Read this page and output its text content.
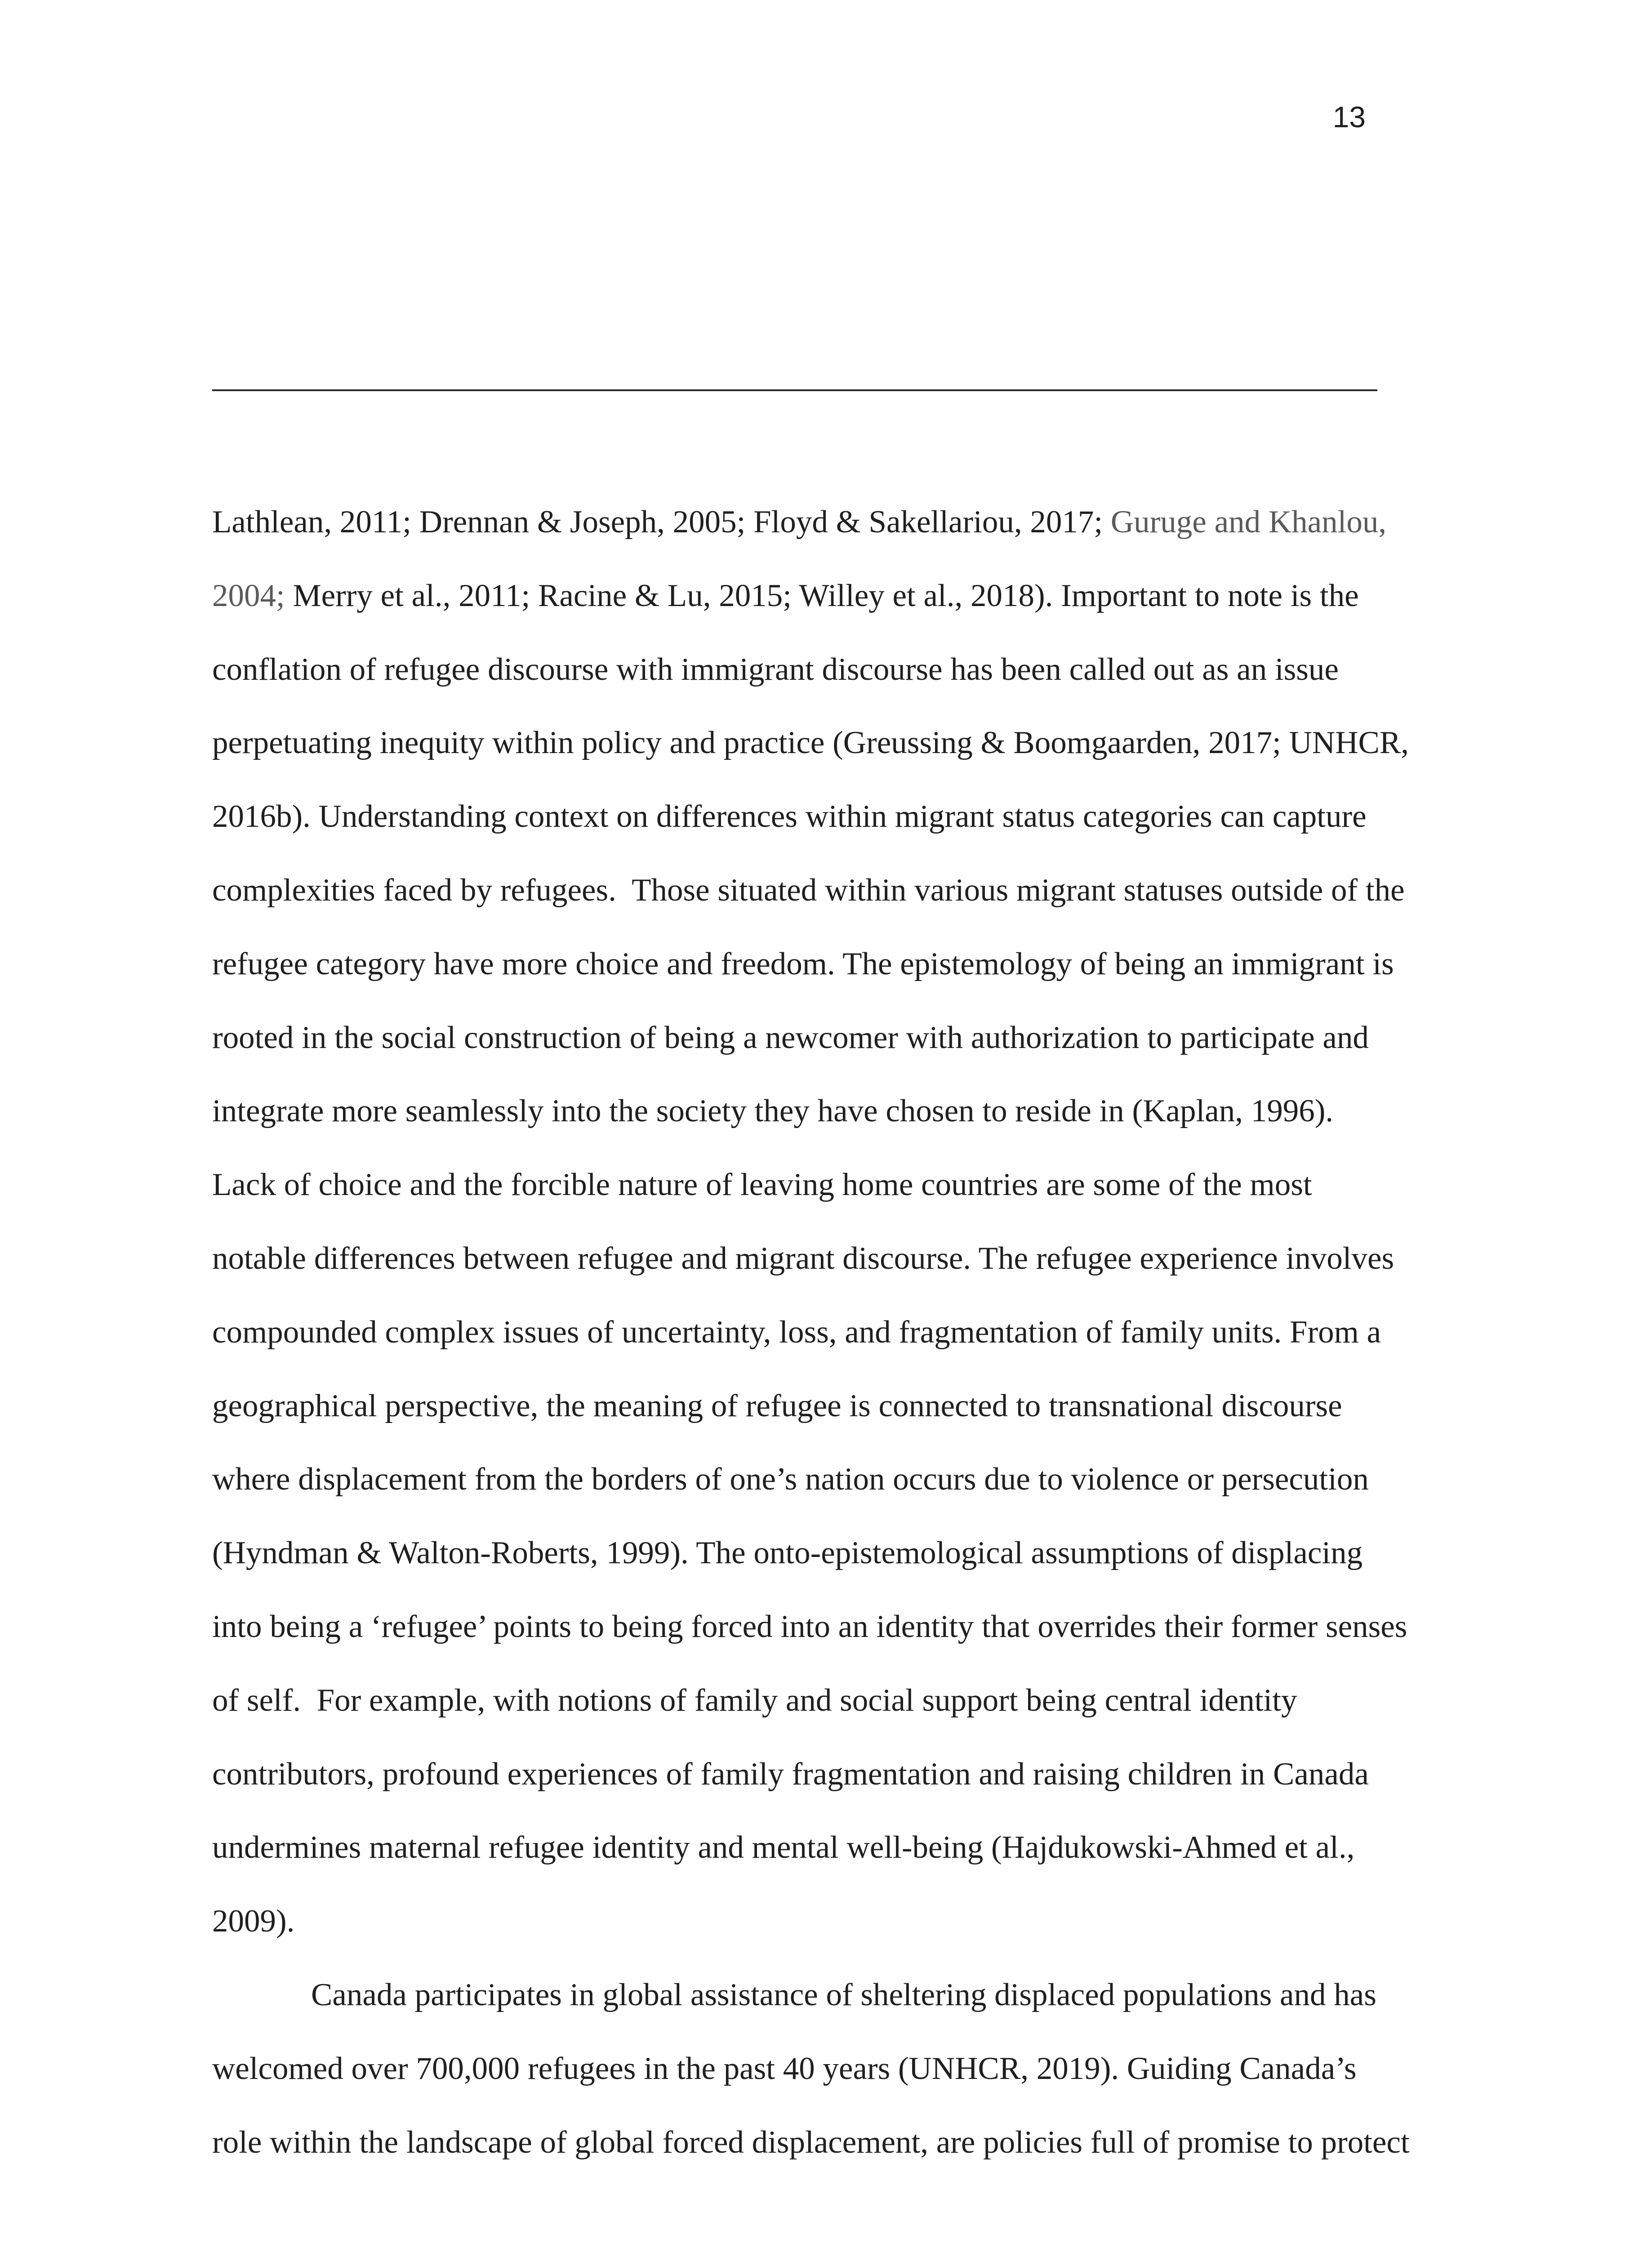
13
Lathlean, 2011; Drennan & Joseph, 2005; Floyd & Sakellariou, 2017; Guruge and Khanlou,
2004; Merry et al., 2011; Racine & Lu, 2015; Willey et al., 2018). Important to note is the
conflation of refugee discourse with immigrant discourse has been called out as an issue
perpetuating inequity within policy and practice (Greussing & Boomgaarden, 2017; UNHCR,
2016b). Understanding context on differences within migrant status categories can capture
complexities faced by refugees.  Those situated within various migrant statuses outside of the
refugee category have more choice and freedom. The epistemology of being an immigrant is
rooted in the social construction of being a newcomer with authorization to participate and
integrate more seamlessly into the society they have chosen to reside in (Kaplan, 1996).
Lack of choice and the forcible nature of leaving home countries are some of the most
notable differences between refugee and migrant discourse. The refugee experience involves
compounded complex issues of uncertainty, loss, and fragmentation of family units. From a
geographical perspective, the meaning of refugee is connected to transnational discourse
where displacement from the borders of one’s nation occurs due to violence or persecution
(Hyndman & Walton-Roberts, 1999). The onto-epistemological assumptions of displacing
into being a ‘refugee’ points to being forced into an identity that overrides their former senses
of self.  For example, with notions of family and social support being central identity
contributors, profound experiences of family fragmentation and raising children in Canada
undermines maternal refugee identity and mental well-being (Hajdukowski-Ahmed et al.,
2009).
Canada participates in global assistance of sheltering displaced populations and has
welcomed over 700,000 refugees in the past 40 years (UNHCR, 2019). Guiding Canada’s
role within the landscape of global forced displacement, are policies full of promise to protect
